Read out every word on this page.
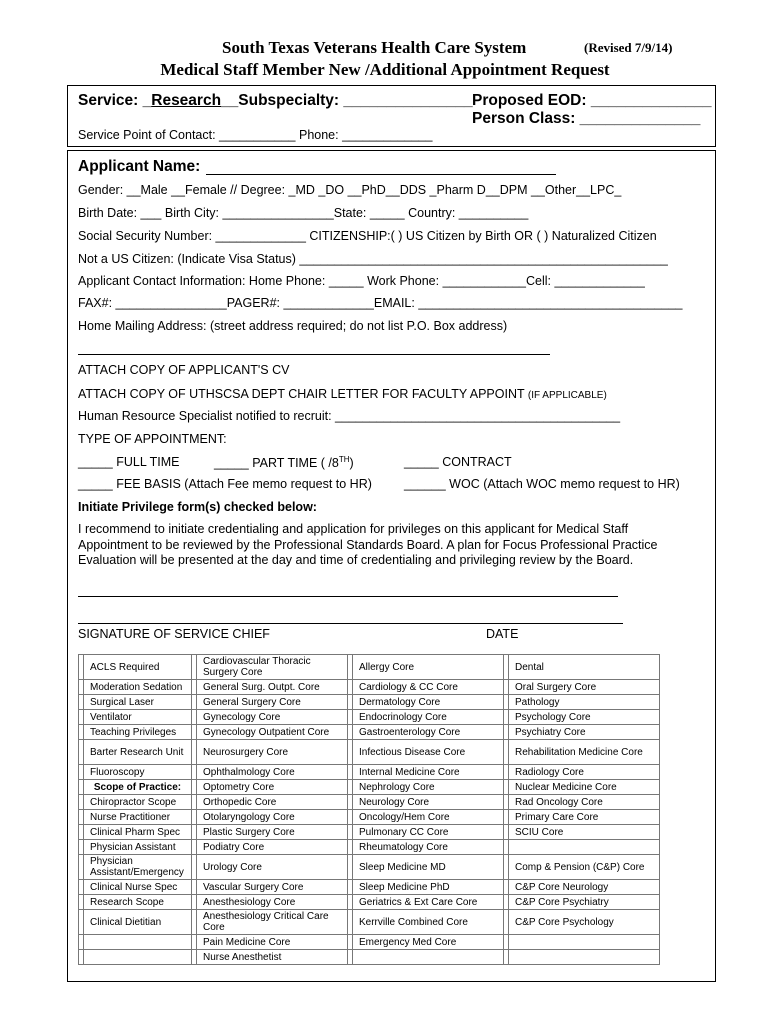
South Texas Veterans Health Care System	(Revised 7/9/14)
Medical Staff Member New /Additional Appointment Request
Service: _Research__Subspecialty: _______________ Proposed EOD: ______________
Person Class: ______________
Service Point of Contact: ___________ Phone: _____________
Applicant Name:
Gender: __Male __Female // Degree: _MD _DO __PhD__DDS _Pharm D__DPM __Other__LPC_
Birth Date: ___ Birth City: ________________State: _____ Country: __________
Social Security Number: _____________ CITIZENSHIP:( ) US Citizen by Birth OR ( ) Naturalized Citizen
Not a US Citizen: (Indicate Visa Status) _____________________________________________________
Applicant Contact Information: Home Phone: _____ Work Phone: ____________Cell: _____________
FAX#: ________________PAGER#: _____________EMAIL: ______________________________________
Home Mailing Address: (street address required; do not list P.O. Box address)
ATTACH COPY OF APPLICANT'S CV
ATTACH COPY OF UTHSCSA DEPT CHAIR LETTER FOR FACULTY APPOINT (IF APPLICABLE)
Human Resource Specialist notified to recruit: _________________________________________
TYPE OF APPOINTMENT:
_____ FULL TIME	_____ PART TIME ( /8TH)	_____ CONTRACT
_____ FEE BASIS (Attach Fee memo request to HR)	______ WOC (Attach WOC memo request to HR)
Initiate Privilege form(s) checked below:
I recommend to initiate credentialing and application for privileges on this applicant for Medical Staff
Appointment to be reviewed by the Professional Standards Board. A plan for Focus Professional Practice
Evaluation will be presented at the day and time of credentialing and privileging review by the Board.
SIGNATURE OF SERVICE CHIEF	DATE
	ACLS Required		Cardiovascular Thoracic Surgery Core		Allergy Core		Dental
	Moderation Sedation		General Surg. Outpt. Core		Cardiology & CC Core		Oral Surgery Core
	Surgical Laser		General Surgery Core		Dermatology Core		Pathology
	Ventilator		Gynecology Core		Endocrinology Core		Psychology Core
	Teaching Privileges		Gynecology Outpatient Core		Gastroenterology Core		Psychiatry Core
	Barter Research Unit		Neurosurgery Core		Infectious Disease Core		Rehabilitation Medicine Core
	Fluoroscopy		Ophthalmology Core		Internal Medicine Core		Radiology Core
	Scope of Practice:		Optometry Core		Nephrology Core		Nuclear Medicine Core
	Chiropractor Scope		Orthopedic Core		Neurology Core		Rad Oncology Core
	Nurse Practitioner		Otolaryngology Core		Oncology/Hem Core		Primary Care Core
	Clinical Pharm Spec		Plastic Surgery Core		Pulmonary CC Core		SCIU Core
	Physician Assistant		Podiatry Core		Rheumatology Core		
	Physician Assistant/Emergency		Urology Core		Sleep Medicine MD		Comp & Pension (C&P) Core
	Clinical Nurse Spec		Vascular Surgery Core		Sleep Medicine PhD		C&P Core Neurology
	Research Scope		Anesthesiology Core		Geriatrics & Ext Care Core		C&P Core Psychiatry
	Clinical Dietitian		Anesthesiology Critical Care Core		Kerrville Combined Core		C&P Core Psychology
			Pain Medicine Core		Emergency Med Core		
			Nurse Anesthetist				
